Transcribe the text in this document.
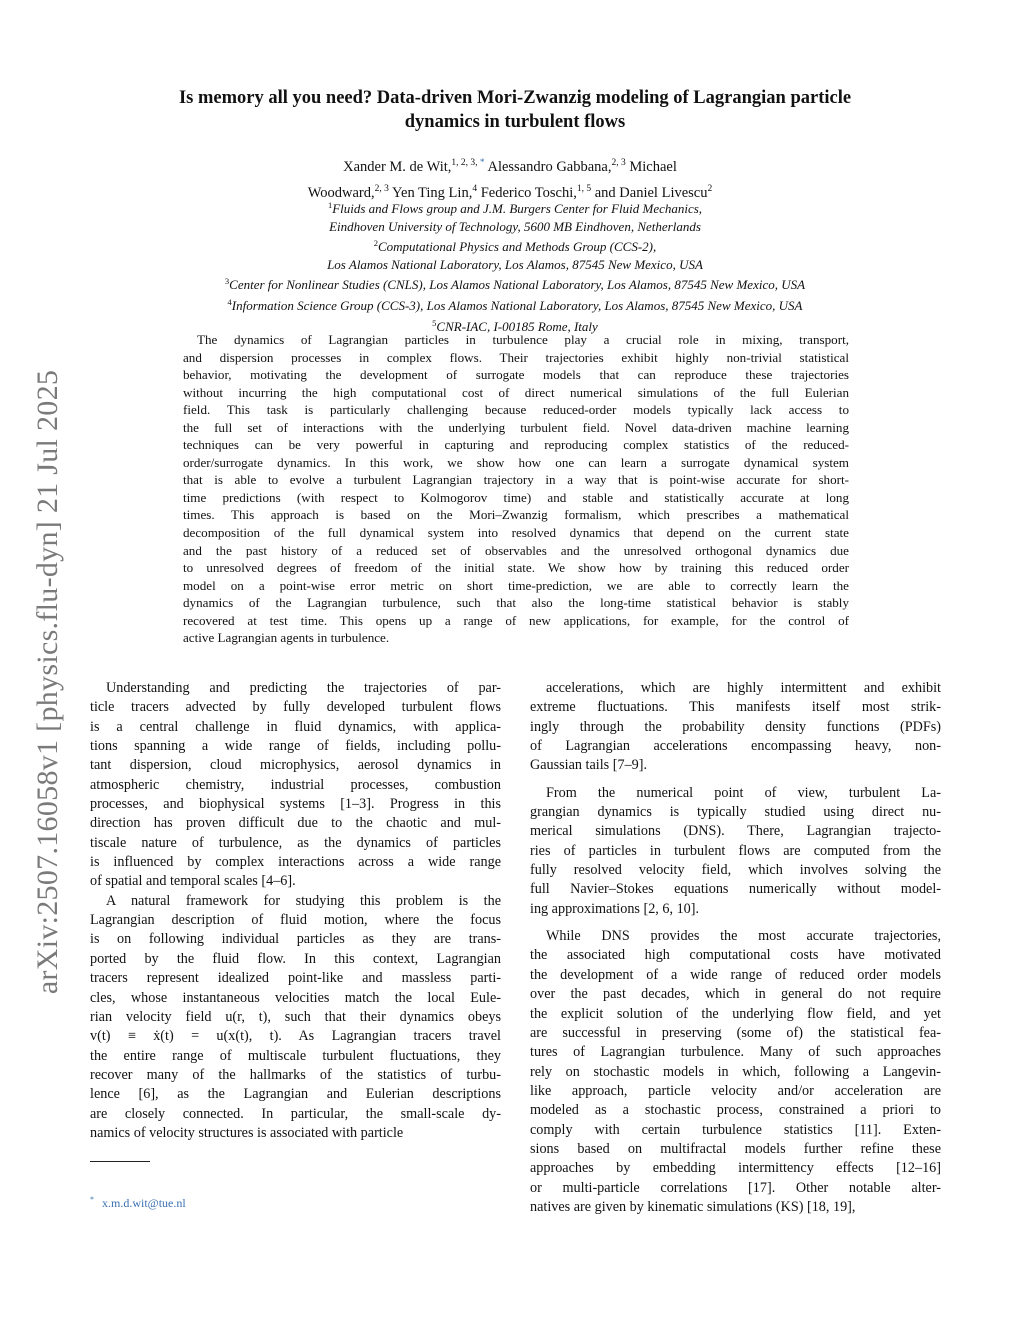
arXiv:2507.16058v1 [physics.flu-dyn] 21 Jul 2025
Is memory all you need? Data-driven Mori-Zwanzig modeling of Lagrangian particle
dynamics in turbulent flows
Xander M. de Wit,$^{1, 2, 3,}$ * Alessandro Gabbana,$^{2, 3}$ Michael
Woodward,$^{2, 3}$ Yen Ting Lin,$^4$ Federico Toschi,$^{1, 5}$ and Daniel Livescu$^2$
$^1$Fluids and Flows group and J.M. Burgers Center for Fluid Mechanics,
Eindhoven University of Technology, 5600 MB Eindhoven, Netherlands
$^2$Computational Physics and Methods Group (CCS-2),
Los Alamos National Laboratory, Los Alamos, 87545 New Mexico, USA
$^3$Center for Nonlinear Studies (CNLS), Los Alamos National Laboratory, Los Alamos, 87545 New Mexico, USA
$^4$Information Science Group (CCS-3), Los Alamos National Laboratory, Los Alamos, 87545 New Mexico, USA
$^5$CNR-IAC, I-00185 Rome, Italy
The dynamics of Lagrangian particles in turbulence play a crucial role in mixing, transport,
and dispersion processes in complex flows. Their trajectories exhibit highly non-trivial statistical
behavior, motivating the development of surrogate models that can reproduce these trajectories
without incurring the high computational cost of direct numerical simulations of the full Eulerian
field. This task is particularly challenging because reduced-order models typically lack access to
the full set of interactions with the underlying turbulent field. Novel data-driven machine learning
techniques can be very powerful in capturing and reproducing complex statistics of the reduced-
order/surrogate dynamics. In this work, we show how one can learn a surrogate dynamical system
that is able to evolve a turbulent Lagrangian trajectory in a way that is point-wise accurate for short-
time predictions (with respect to Kolmogorov time) and stable and statistically accurate at long
times. This approach is based on the Mori–Zwanzig formalism, which prescribes a mathematical
decomposition of the full dynamical system into resolved dynamics that depend on the current state
and the past history of a reduced set of observables and the unresolved orthogonal dynamics due
to unresolved degrees of freedom of the initial state. We show how by training this reduced order
model on a point-wise error metric on short time-prediction, we are able to correctly learn the
dynamics of the Lagrangian turbulence, such that also the long-time statistical behavior is stably
recovered at test time. This opens up a range of new applications, for example, for the control of
active Lagrangian agents in turbulence.
Understanding and predicting the trajectories of par-
ticle tracers advected by fully developed turbulent flows
is a central challenge in fluid dynamics, with applica-
tions spanning a wide range of fields, including pollu-
tant dispersion, cloud microphysics, aerosol dynamics in
atmospheric chemistry, industrial processes, combustion
processes, and biophysical systems [1–3]. Progress in this
direction has proven difficult due to the chaotic and mul-
tiscale nature of turbulence, as the dynamics of particles
is influenced by complex interactions across a wide range
of spatial and temporal scales [4–6].
A natural framework for studying this problem is the
Lagrangian description of fluid motion, where the focus
is on following individual particles as they are trans-
ported by the fluid flow. In this context, Lagrangian
tracers represent idealized point-like and massless parti-
cles, whose instantaneous velocities match the local Eule-
rian velocity field u(r, t), such that their dynamics obeys
v(t) ≡ ẋ(t) = u(x(t), t). As Lagrangian tracers travel
the entire range of multiscale turbulent fluctuations, they
recover many of the hallmarks of the statistics of turbu-
lence [6], as the Lagrangian and Eulerian descriptions
are closely connected. In particular, the small-scale dy-
namics of velocity structures is associated with particle
accelerations, which are highly intermittent and exhibit
extreme fluctuations. This manifests itself most strik-
ingly through the probability density functions (PDFs)
of Lagrangian accelerations encompassing heavy, non-
Gaussian tails [7–9].
From the numerical point of view, turbulent La-
grangian dynamics is typically studied using direct nu-
merical simulations (DNS). There, Lagrangian trajecto-
ries of particles in turbulent flows are computed from the
fully resolved velocity field, which involves solving the
full Navier–Stokes equations numerically without model-
ing approximations [2, 6, 10].
While DNS provides the most accurate trajectories,
the associated high computational costs have motivated
the development of a wide range of reduced order models
over the past decades, which in general do not require
the explicit solution of the underlying flow field, and yet
are successful in preserving (some of) the statistical fea-
tures of Lagrangian turbulence. Many of such approaches
rely on stochastic models in which, following a Langevin-
like approach, particle velocity and/or acceleration are
modeled as a stochastic process, constrained a priori to
comply with certain turbulence statistics [11]. Exten-
sions based on multifractal models further refine these
approaches by embedding intermittency effects [12–16]
or multi-particle correlations [17]. Other notable alter-
natives are given by kinematic simulations (KS) [18, 19],
* x.m.d.wit@tue.nl
